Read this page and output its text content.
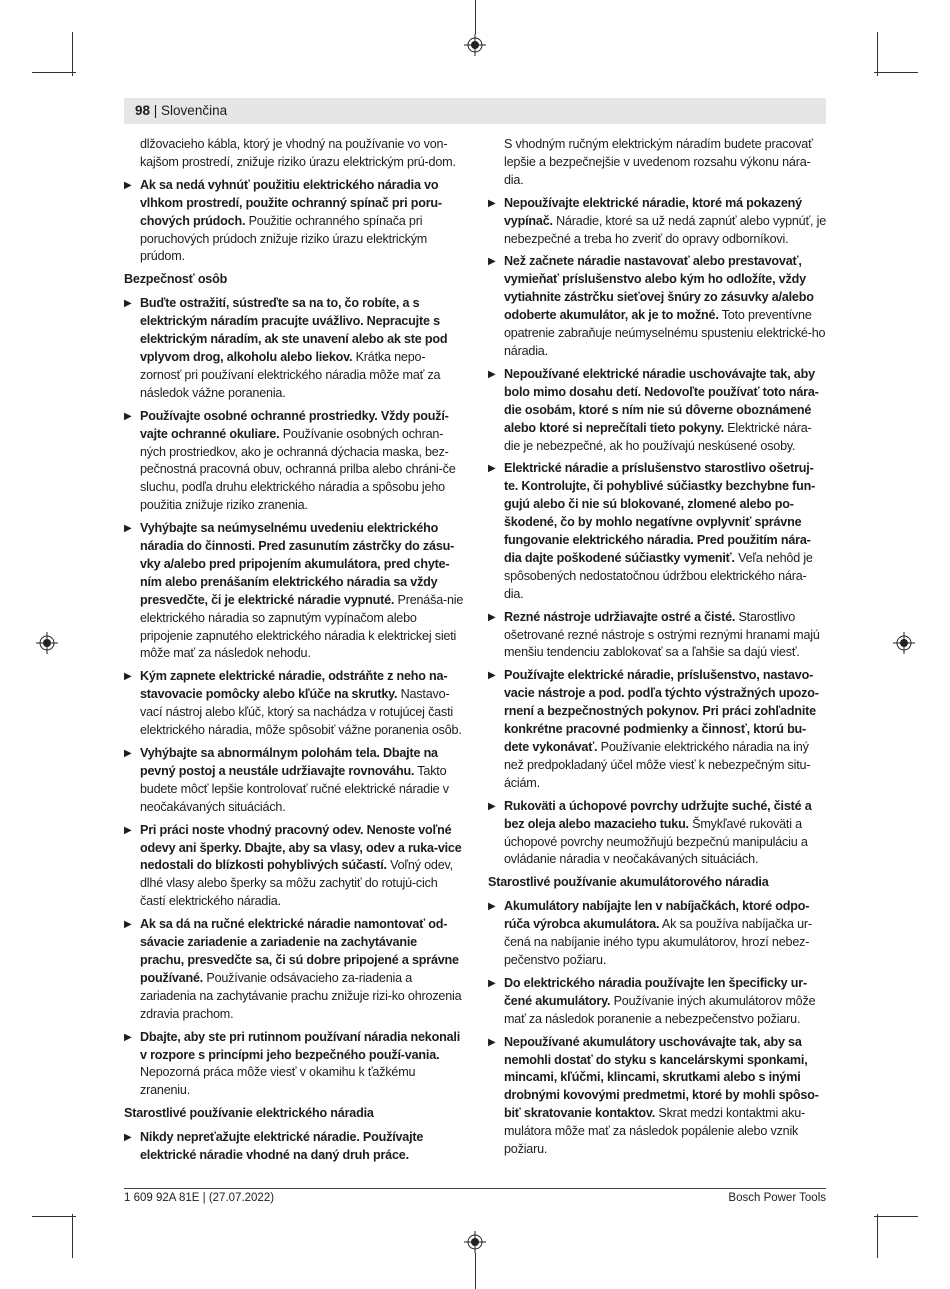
98 | Slovenčina

dlžovacieho kábla, ktorý je vhodný na používanie vo von-kajšom prostredí, znižuje riziko úrazu elektrickým prú-dom.

▶ Ak sa nedá vyhnúť použitiu elektrického náradia vo vlhkom prostredí, použite ochranný spínač pri poru-chových prúdoch. Použitie ochranného spínača pri poruchových prúdoch znižuje riziko úrazu elektrickým prúdom.

Bezpečnosť osôb

▶ Buďte ostražití, sústreďte sa na to, čo robíte, a s elektrickým náradím pracujte uvážlivo. Nepracujte s elektrickým náradím, ak ste unavení alebo ak ste pod vplyvom drog, alkoholu alebo liekov. Krátka nepo-zornosť pri používaní elektrického náradia môže mať za následok vážne poranenia.

▶ Používajte osobné ochranné prostriedky. Vždy použí-vajte ochranné okuliare. Používanie osobných ochran-ných prostriedkov, ako je ochranná dýchacia maska, bez-pečnostná pracovná obuv, ochranná prilba alebo chráni-če sluchu, podľa druhu elektrického náradia a spôsobu jeho použitia znižuje riziko zranenia.

▶ Vyhýbajte sa neúmyselnému uvedeniu elektrického náradia do činnosti. Pred zasunutím zástrčky do zásu-vky a/alebo pred pripojením akumulátora, pred chyte-ním alebo prenášaním elektrického náradia sa vždy presvedčte, či je elektrické náradie vypnuté. Prenáša-nie elektrického náradia so zapnutým vypínačom alebo pripojenie zapnutého elektrického náradia k elektrickej sieti môže mať za následok nehodu.

▶ Kým zapnete elektrické náradie, odstráňte z neho na-stavovacie pomôcky alebo kľúče na skrutky. Nastavo-vací nástroj alebo kľúč, ktorý sa nachádza v rotujúcej časti elektrického náradia, môže spôsobiť vážne poranenia osôb.

▶ Vyhýbajte sa abnormálnym polohám tela. Dbajte na pevný postoj a neustále udržiavajte rovnováhu. Takto budete môcť lepšie kontrolovať ručné elektrické náradie v neočakávaných situáciách.

▶ Pri práci noste vhodný pracovný odev. Nenoste voľné odevy ani šperky. Dbajte, aby sa vlasy, odev a ruka-vice nedostali do blízkosti pohyblivých súčastí. Voľný odev, dlhé vlasy alebo šperky sa môžu zachytiť do rotujú-cich častí elektrického náradia.

▶ Ak sa dá na ručné elektrické náradie namontovať od-sávacie zariadenie a zariadenie na zachytávanie prachu, presvedčte sa, či sú dobre pripojené a správne používané. Používanie odsávacieho za-riadenia a zariadenia na zachytávanie prachu znižuje rizi-ko ohrozenia zdravia prachom.

▶ Dbajte, aby ste pri rutinnom používaní náradia nekonali v rozpore s princípmi jeho bezpečného použí-vania. Nepozorná práca môže viesť v okamihu k ťažkému zraneniu.

Starostlivé používanie elektrického náradia

▶ Nikdy nepreťažujte elektrické náradie. Používajte elektrické náradie vhodné na daný druh práce.

S vhodným ručným elektrickým náradím budete pracovať lepšie a bezpečnejšie v uvedenom rozsahu výkonu nára-dia.

▶ Nepoužívajte elektrické náradie, ktoré má pokazený vypínač. Náradie, ktoré sa už nedá zapnúť alebo vypnúť, je nebezpečné a treba ho zveriť do opravy odborníkovi.

▶ Než začnete náradie nastavovať alebo prestavovať, vymieňať príslušenstvo alebo kým ho odložíte, vždy vytiahnite zástrčku sieťovej šnúry zo zásuvky a/alebo odoberte akumulátor, ak je to možné. Toto preventívne opatrenie zabraňuje neúmyselnému spusteniu elektrické-ho náradia.

▶ Nepoužívané elektrické náradie uschovávajte tak, aby bolo mimo dosahu detí. Nedovoľte používať toto nára-die osobám, ktoré s ním nie sú dôverne oboznámené alebo ktoré si neprečítali tieto pokyny. Elektrické nára-die je nebezpečné, ak ho používajú neskúsené osoby.

▶ Elektrické náradie a príslušenstvo starostlivo ošetruj-te. Kontrolujte, či pohyblivé súčiastky bezchybne fun-gujú alebo či nie sú blokované, zlomené alebo po-škodené, čo by mohlo negatívne ovplyvniť správne fungovanie elektrického náradia. Pred použitím nára-dia dajte poškodené súčiastky vymeniť. Veľa nehôd je spôsobených nedostatočnou údržbou elektrického nára-dia.

▶ Rezné nástroje udržiavajte ostré a čisté. Starostlivo ošetrované rezné nástroje s ostrými reznými hranami majú menšiu tendenciu zablokovať sa a ľahšie sa dajú viesť.

▶ Používajte elektrické náradie, príslušenstvo, nastavo-vacie nástroje a pod. podľa týchto výstražných upozo-rnení a bezpečnostných pokynov. Pri práci zohľadnite konkrétne pracovné podmienky a činnosť, ktorú bu-dete vykonávať. Používanie elektrického náradia na iný než predpokladaný účel môže viesť k nebezpečným situ-áciám.

▶ Rukoväti a úchopové povrchy udržujte suché, čisté a bez oleja alebo mazacieho tuku. Šmykľavé rukoväti a úchopové povrchy neumožňujú bezpečnú manipuláciu a ovládanie náradia v neočakávaných situáciách.

Starostlivé používanie akumulátorového náradia

▶ Akumulátory nabíjajte len v nabíjačkách, ktoré odpo-rúča výrobca akumulátora. Ak sa používa nabíjačka ur-čená na nabíjanie iného typu akumulátorov, hrozí nebez-pečenstvo požiaru.

▶ Do elektrického náradia používajte len špecificky ur-čené akumulátory. Používanie iných akumulátorov môže mať za následok poranenie a nebezpečenstvo požiaru.

▶ Nepoužívané akumulátory uschovávajte tak, aby sa nemohli dostať do styku s kancelárskymi sponkami, mincami, kľúčmi, klincami, skrutkami alebo s inými drobnými kovovými predmetmi, ktoré by mohli spôso-biť skratovanie kontaktov. Skrat medzi kontaktmi aku-mulátora môže mať za následok popálenie alebo vznik požiaru.

1 609 92A 81E | (27.07.2022)	Bosch Power Tools
